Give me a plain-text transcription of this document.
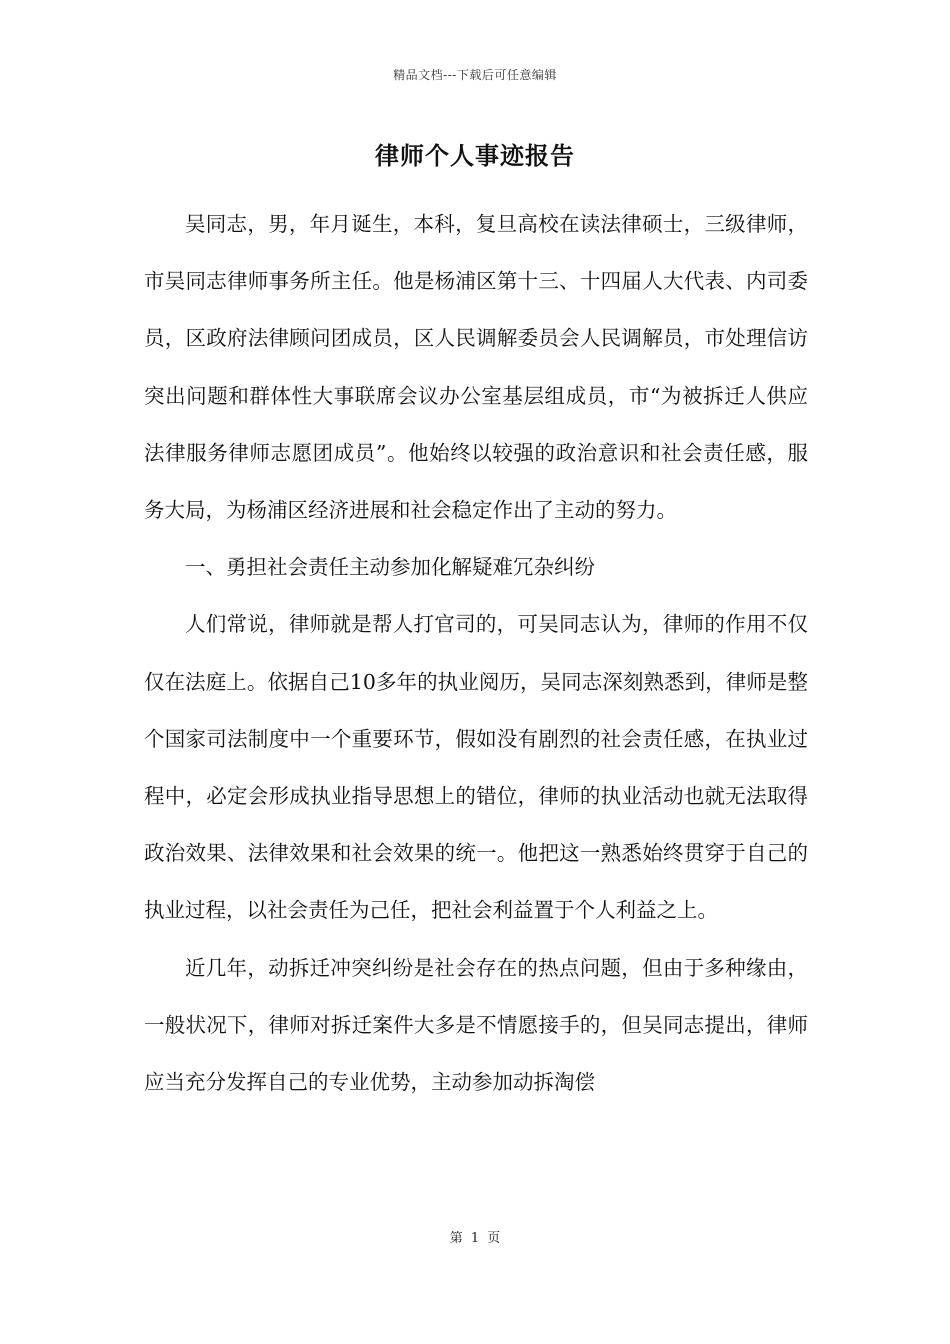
精品文档---下载后可任意编辑
律师个人事迹报告

吴同志，男，年月诞生，本科，复旦高校在读法律硕士，三级律师，市吴同志律师事务所主任。他是杨浦区第十三、十四届人大代表、内司委员，区政府法律顾问团成员，区人民调解委员会人民调解员，市处理信访突出问题和群体性大事联席会议办公室基层组成员，市“为被拆迁人供应法律服务律师志愿团成员”。他始终以较强的政治意识和社会责任感，服务大局，为杨浦区经济进展和社会稳定作出了主动的努力。

一、勇担社会责任主动参加化解疑难冗杂纠纷

人们常说，律师就是帮人打官司的，可吴同志认为，律师的作用不仅仅在法庭上。依据自己10多年的执业阅历，吴同志深刻熟悉到，律师是整个国家司法制度中一个重要环节，假如没有剧烈的社会责任感，在执业过程中，必定会形成执业指导思想上的错位，律师的执业活动也就无法取得政治效果、法律效果和社会效果的统一。他把这一熟悉始终贯穿于自己的执业过程，以社会责任为己任，把社会利益置于个人利益之上。

近几年，动拆迁冲突纠纷是社会存在的热点问题，但由于多种缘由，一般状况下，律师对拆迁案件大多是不情愿接手的，但吴同志提出，律师应当充分发挥自己的专业优势，主动参加动拆淘偿

第 1 页
